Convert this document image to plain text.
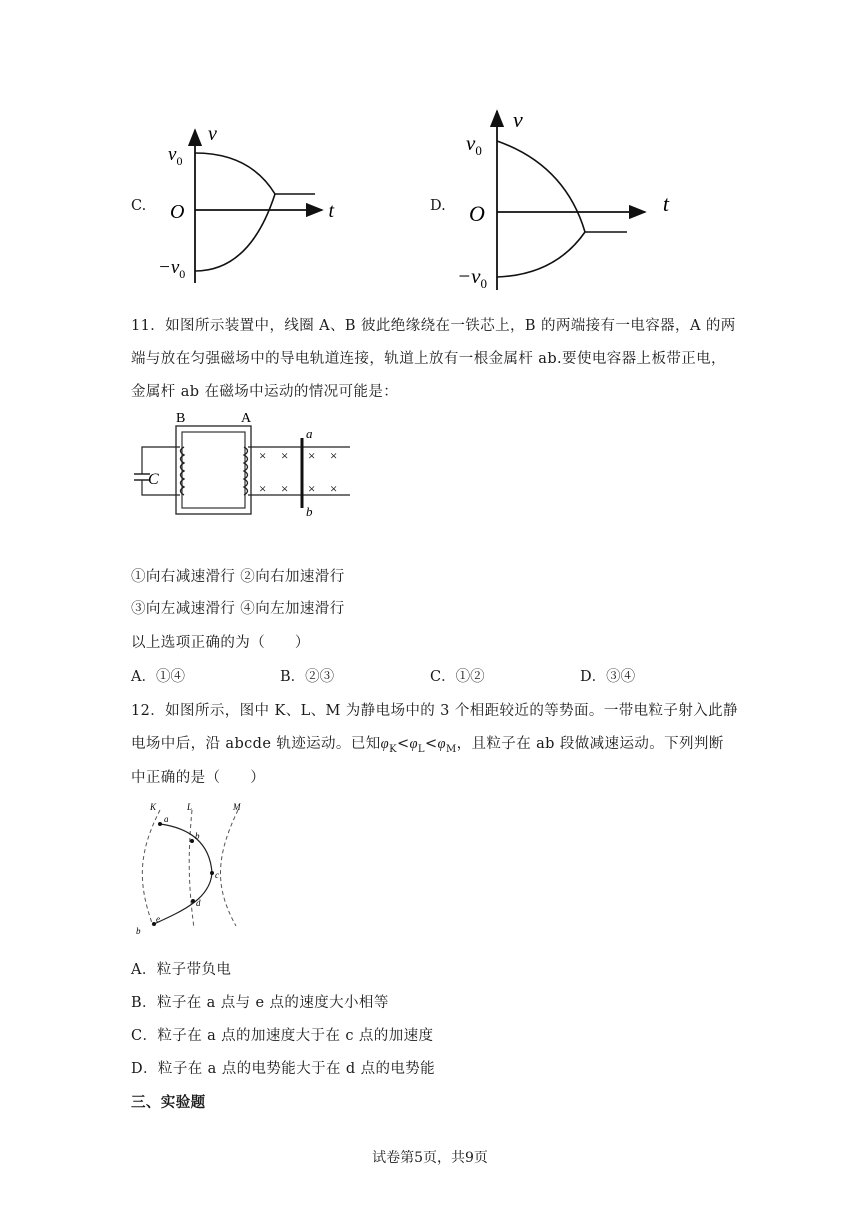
C.
v
t
O
$v_0$
$-v_0$
D.
v
t
O
$v_0$
$-v_0$
11．如图所示装置中，线圈 A、B 彼此绝缘绕在一铁芯上，B 的两端接有一电容器，A 的两
端与放在匀强磁场中的导电轨道连接，轨道上放有一根金属杆 ab.要使电容器上板带正电，
金属杆 ab 在磁场中运动的情况可能是：
C
a
b
B	A
× × × ×
× × × ×
①向右减速滑行 ②向右加速滑行
③向左减速滑行 ④向左加速滑行
以上选项正确的为（　　）
A．①④	B．②③	C．①②	D．③④
12．如图所示，图中 K、L、M 为静电场中的 3 个相距较近的等势面。一带电粒子射入此静
电场中后，沿 abcde 轨迹运动。已知$\varphi_K<\varphi_L<\varphi_M$，且粒子在 ab 段做减速运动。下列判断
中正确的是（　　）
K	L	M
a
b
c
d
e
b
A．粒子带负电
B．粒子在 a 点与 e 点的速度大小相等
C．粒子在 a 点的加速度大于在 c 点的加速度
D．粒子在 a 点的电势能大于在 d 点的电势能
三、实验题
试卷第5页，共9页
